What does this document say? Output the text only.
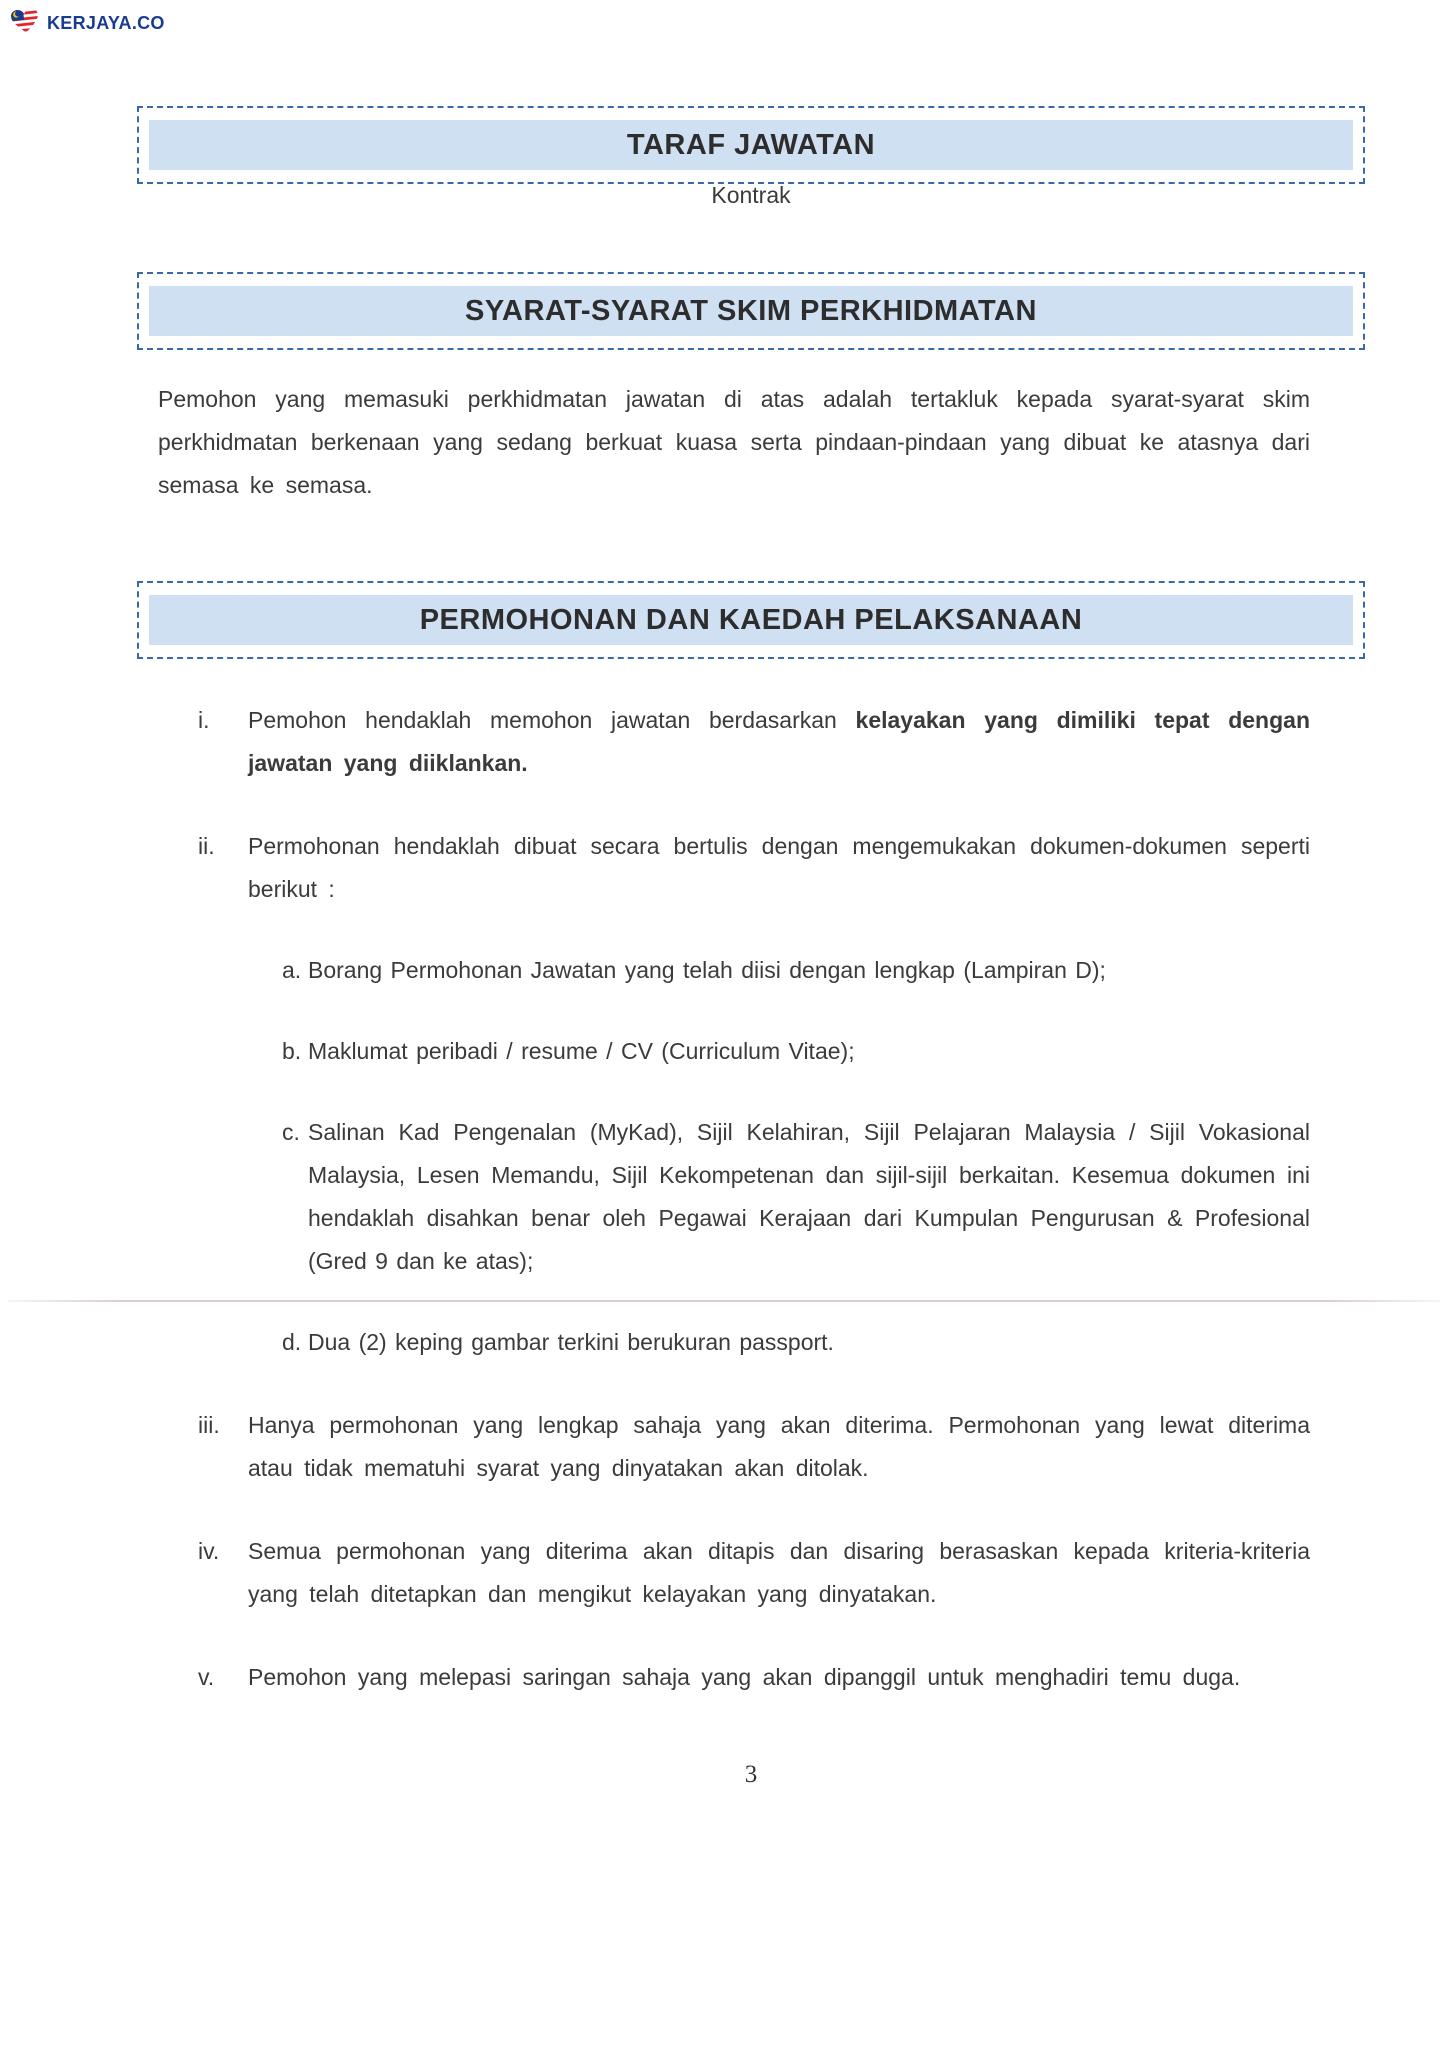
KERJAYA.CO
TARAF JAWATAN
Kontrak
SYARAT-SYARAT SKIM PERKHIDMATAN

Pemohon yang memasuki perkhidmatan jawatan di atas adalah tertakluk kepada syarat-syarat skim perkhidmatan berkenaan yang sedang berkuat kuasa serta pindaan-pindaan yang dibuat ke atasnya dari semasa ke semasa.

PERMOHONAN DAN KAEDAH PELAKSANAAN
i. Pemohon hendaklah memohon jawatan berdasarkan kelayakan yang dimiliki tepat dengan jawatan yang diiklankan.
ii. Permohonan hendaklah dibuat secara bertulis dengan mengemukakan dokumen-dokumen seperti berikut :
a. Borang Permohonan Jawatan yang telah diisi dengan lengkap (Lampiran D);
b. Maklumat peribadi / resume / CV (Curriculum Vitae);
c. Salinan Kad Pengenalan (MyKad), Sijil Kelahiran, Sijil Pelajaran Malaysia / Sijil Vokasional Malaysia, Lesen Memandu, Sijil Kekompetenan dan sijil-sijil berkaitan. Kesemua dokumen ini hendaklah disahkan benar oleh Pegawai Kerajaan dari Kumpulan Pengurusan & Profesional (Gred 9 dan ke atas);
d. Dua (2) keping gambar terkini berukuran passport.
iii. Hanya permohonan yang lengkap sahaja yang akan diterima. Permohonan yang lewat diterima atau tidak mematuhi syarat yang dinyatakan akan ditolak.
iv. Semua permohonan yang diterima akan ditapis dan disaring berasaskan kepada kriteria-kriteria yang telah ditetapkan dan mengikut kelayakan yang dinyatakan.
v. Pemohon yang melepasi saringan sahaja yang akan dipanggil untuk menghadiri temu duga.
3
